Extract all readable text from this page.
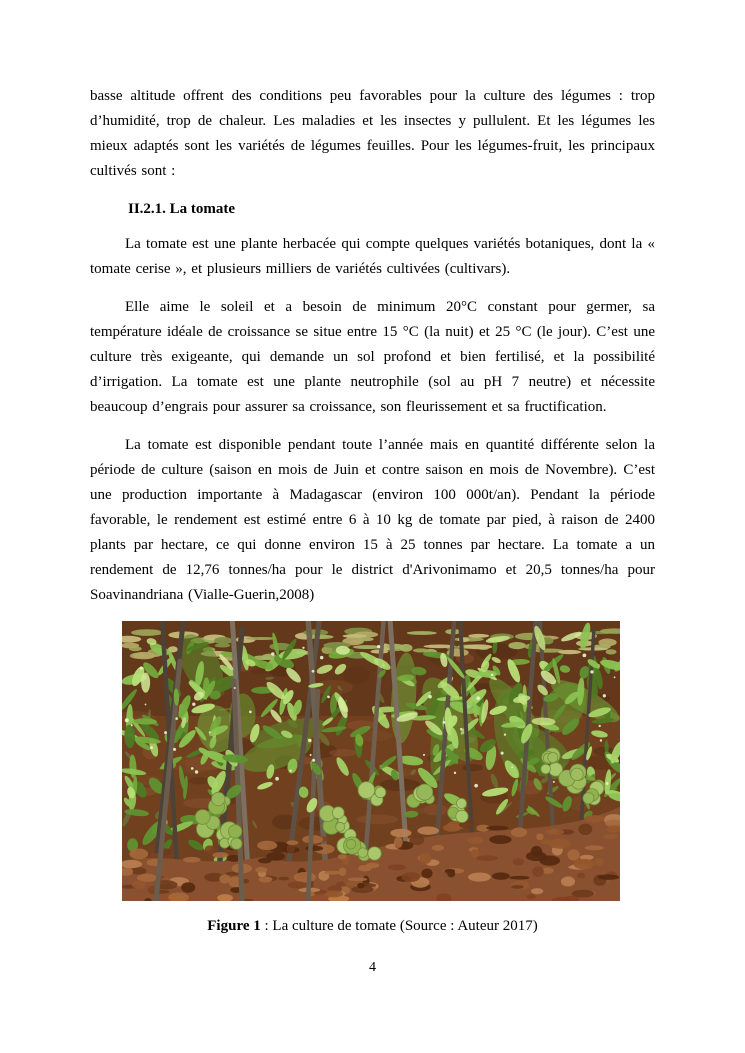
basse altitude offrent des conditions peu favorables pour la culture des légumes : trop d’humidité, trop de chaleur. Les maladies et les insectes y pullulent. Et les légumes les mieux adaptés sont les variétés de légumes feuilles. Pour les légumes-fruit, les principaux cultivés sont :

II.2.1. La tomate

La tomate est une plante herbacée qui compte quelques variétés botaniques, dont la « tomate cerise », et plusieurs milliers de variétés cultivées (cultivars).

Elle aime le soleil et a besoin de minimum 20°C constant pour germer, sa température idéale de croissance se situe entre 15 °C (la nuit) et 25 °C (le jour). C’est une culture très exigeante, qui demande un sol profond et bien fertilisé, et la possibilité d’irrigation. La tomate est une plante neutrophile (sol au pH 7 neutre) et nécessite beaucoup d’engrais pour assurer sa croissance, son fleurissement et sa fructification.

La tomate est disponible pendant toute l’année mais en quantité différente selon la période de culture (saison en mois de Juin et contre saison en mois de Novembre). C’est une production importante à Madagascar (environ 100 000t/an). Pendant la période favorable, le rendement est estimé entre 6 à 10 kg de tomate par pied, à raison de 2400 plants par hectare, ce qui donne environ 15 à 25 tonnes par hectare. La tomate a un rendement de 12,76 tonnes/ha pour le district d'Arivonimamo et 20,5 tonnes/ha pour Soavinandriana (Vialle-Guerin,2008)

Figure 1 : La culture de tomate (Source : Auteur 2017)
4
